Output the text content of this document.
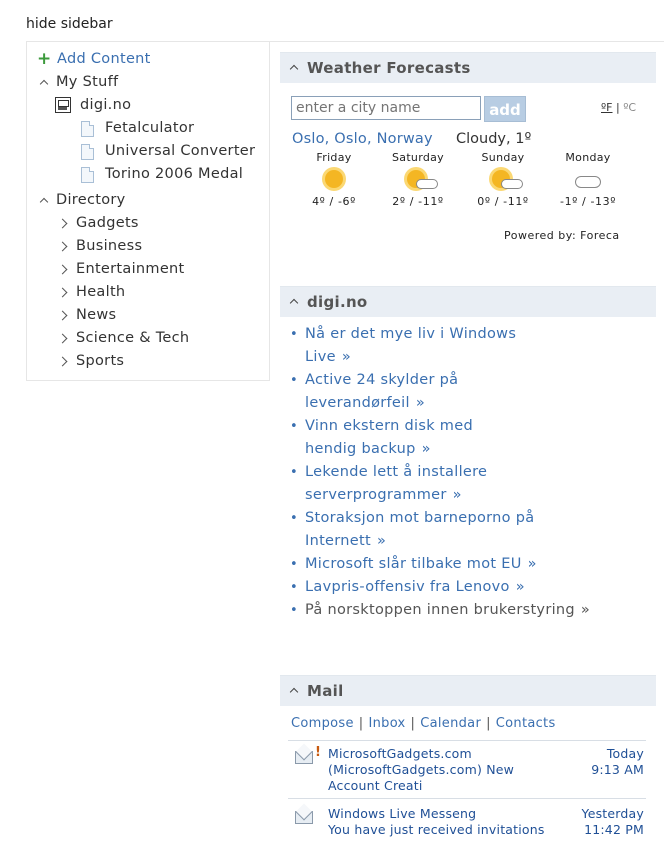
hide sidebar
+ Add Content
My Stuff
digi.no
Fetalculator
Universal Converter
Torino 2006 Medal
Directory
Gadgets
Business
Entertainment
Health
News
Science & Tech
Sports
Weather Forecasts
enter a city name
add	ºF | ºC
Oslo, Oslo, Norway Cloudy, 1º
Friday
4º / -6º
Saturday
2º / -11º
Sunday
0º / -11º
Monday
-1º / -13º
Powered by: Foreca
digi.no
• Nå er det mye liv i Windows
Live »
• Active 24 skylder på
leverandørfeil »
• Vinn ekstern disk med
hendig backup »
• Lekende lett å installere
serverprogrammer »
• Storaksjon mot barneporno på
Internett »
• Microsoft slår tilbake mot EU »
• Lavpris-offensiv fra Lenovo »
• På norsktoppen innen brukerstyring »
Mail
Compose | Inbox | Calendar | Contacts
! MicrosoftGadgets.com
(MicrosoftGadgets.com) New
Account Creati
Today
9:13 AM
Windows Live Messeng
You have just received invitations
Yesterday
11:42 PM
